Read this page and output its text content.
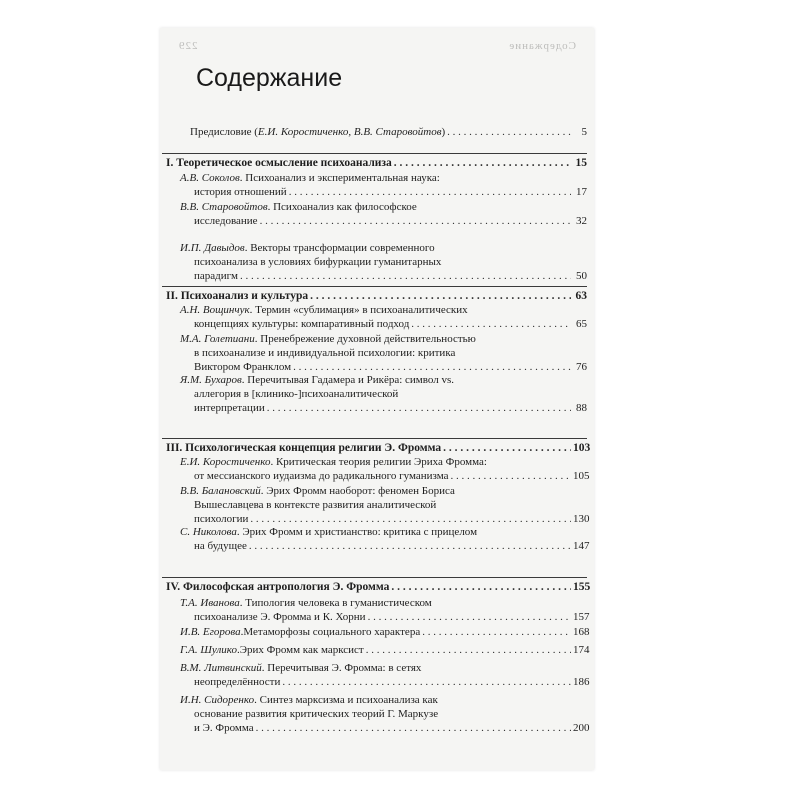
Содержание
229
Содержание
Предисловие (Е.И. Коростиченко, В.В. Старовойтов) . . .	5
I. Теоретическое осмысление психоанализа . . .	15
А.В. Соколов. Психоанализ и экспериментальная наука:
история отношений . . .	17
В.В. Старовойтов. Психоанализ как философское
исследование . . .	32
И.П. Давыдов. Векторы трансформации современного
психоанализа в условиях бифуркации гуманитарных
парадигм . . .	50
II. Психоанализ и культура . . .	63
А.Н. Вощинчук. Термин «сублимация» в психоаналитических
концепциях культуры: компаративный подход . . .	65
М.А. Голетиани. Пренебрежение духовной действительностью
в психоанализе и индивидуальной психологии: критика
Виктором Франклом . . .	76
Я.М. Бухаров. Перечитывая Гадамера и Рикёра: символ vs.
аллегория в [клинико-]психоаналитической
интерпретации . . .	88
III. Психологическая концепция религии Э. Фромма . . .	103
Е.И. Коростиченко. Критическая теория религии Эриха Фромма:
от мессианского иудаизма до радикального гуманизма . . .	105
В.В. Балановский. Эрих Фромм наоборот: феномен Бориса
Вышеславцева в контексте развития аналитической
психологии . . .	130
С. Николова. Эрих Фромм и христианство: критика с прицелом
на будущее . . .	147
IV. Философская антропология Э. Фромма . . .	155
Т.А. Иванова. Типология человека в гуманистическом
психоанализе Э. Фромма и К. Хорни . . .	157
И.В. Егорова . Метаморфозы социального характера . . .	168
Г.А. Шулико . Эрих Фромм как марксист . . .	174
В.М. Литвинский. Перечитывая Э. Фромма: в сетях
неопределённости . . .	186
И.Н. Сидоренко. Синтез марксизма и психоанализа как
основание развития критических теорий Г. Маркузе
и Э. Фромма . . .	200
